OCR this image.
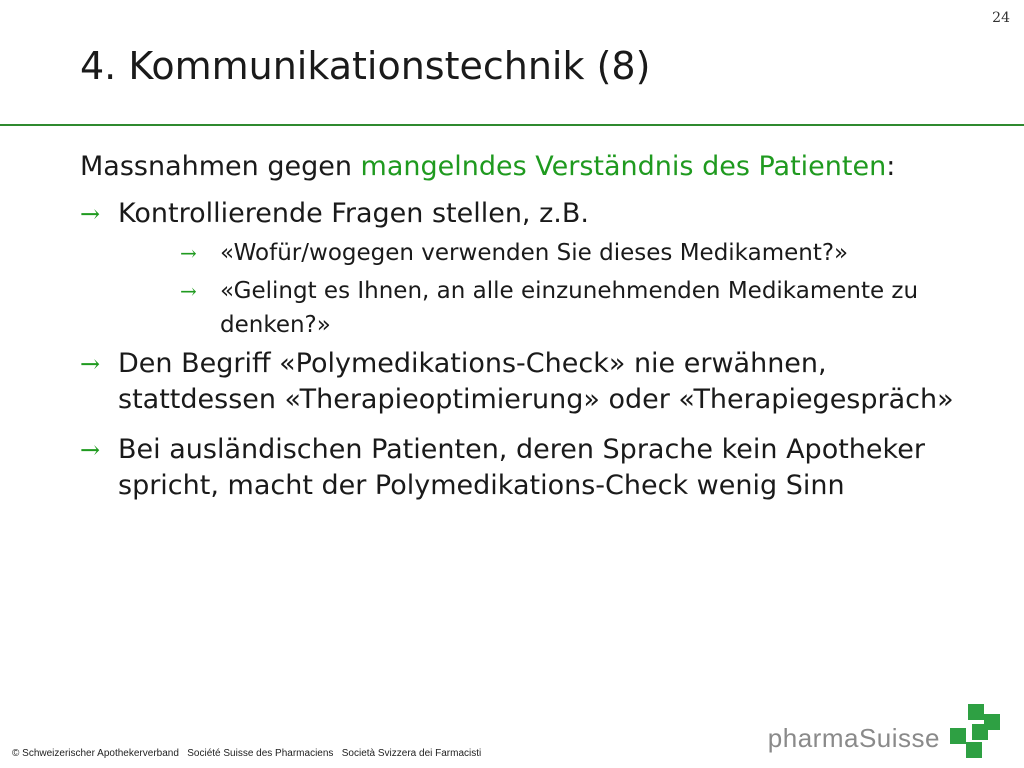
24
4. Kommunikationstechnik (8)

Massnahmen gegen mangelndes Verständnis des Patienten:

→ Kontrollierende Fragen stellen, z.B.
→ «Wofür/wogegen verwenden Sie dieses Medikament?»
→ «Gelingt es Ihnen, an alle einzunehmenden Medikamente zu denken?»
→ Den Begriff «Polymedikations-Check» nie erwähnen, stattdessen «Therapieoptimierung» oder «Therapiegespräch»
→ Bei ausländischen Patienten, deren Sprache kein Apotheker spricht, macht der Polymedikations-Check wenig Sinn
© Schweizerischer Apothekerverband   Société Suisse des Pharmaciens   Società Svizzera dei Farmacisti
pharmaSuisse
